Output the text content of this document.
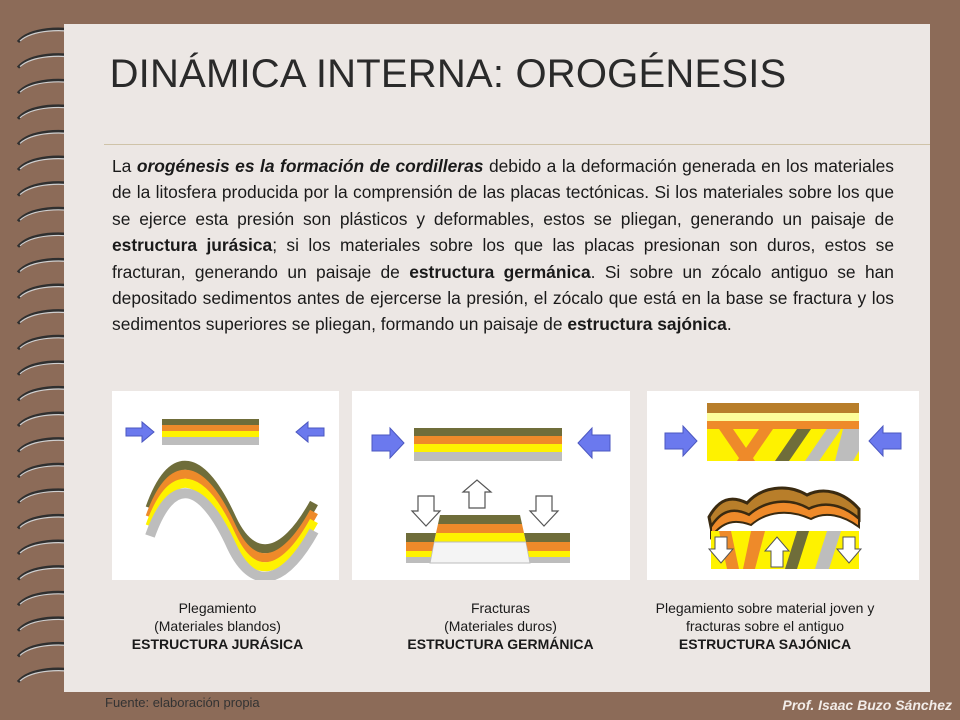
DINÁMICA INTERNA: OROGÉNESIS
La orogénesis es la formación de cordilleras debido a la deformación generada en los materiales de la litosfera producida por la comprensión de las placas tectónicas. Si los materiales sobre los que se ejerce esta presión son plásticos y deformables, estos se pliegan, generando un paisaje de estructura jurásica; si los materiales sobre los que las placas presionan son duros, estos se fracturan, generando un paisaje de estructura germánica. Si sobre un zócalo antiguo se han depositado sedimentos antes de ejercerse la presión, el zócalo que está en la base se fractura y los sedimentos superiores se pliegan, formando un paisaje de estructura sajónica.
Plegamiento
(Materiales blandos)
ESTRUCTURA JURÁSICA
Fracturas
(Materiales duros)
ESTRUCTURA GERMÁNICA
Plegamiento sobre material joven y
fracturas sobre el antiguo
ESTRUCTURA SAJÓNICA
Fuente: elaboración propia	Prof. Isaac Buzo Sánchez
